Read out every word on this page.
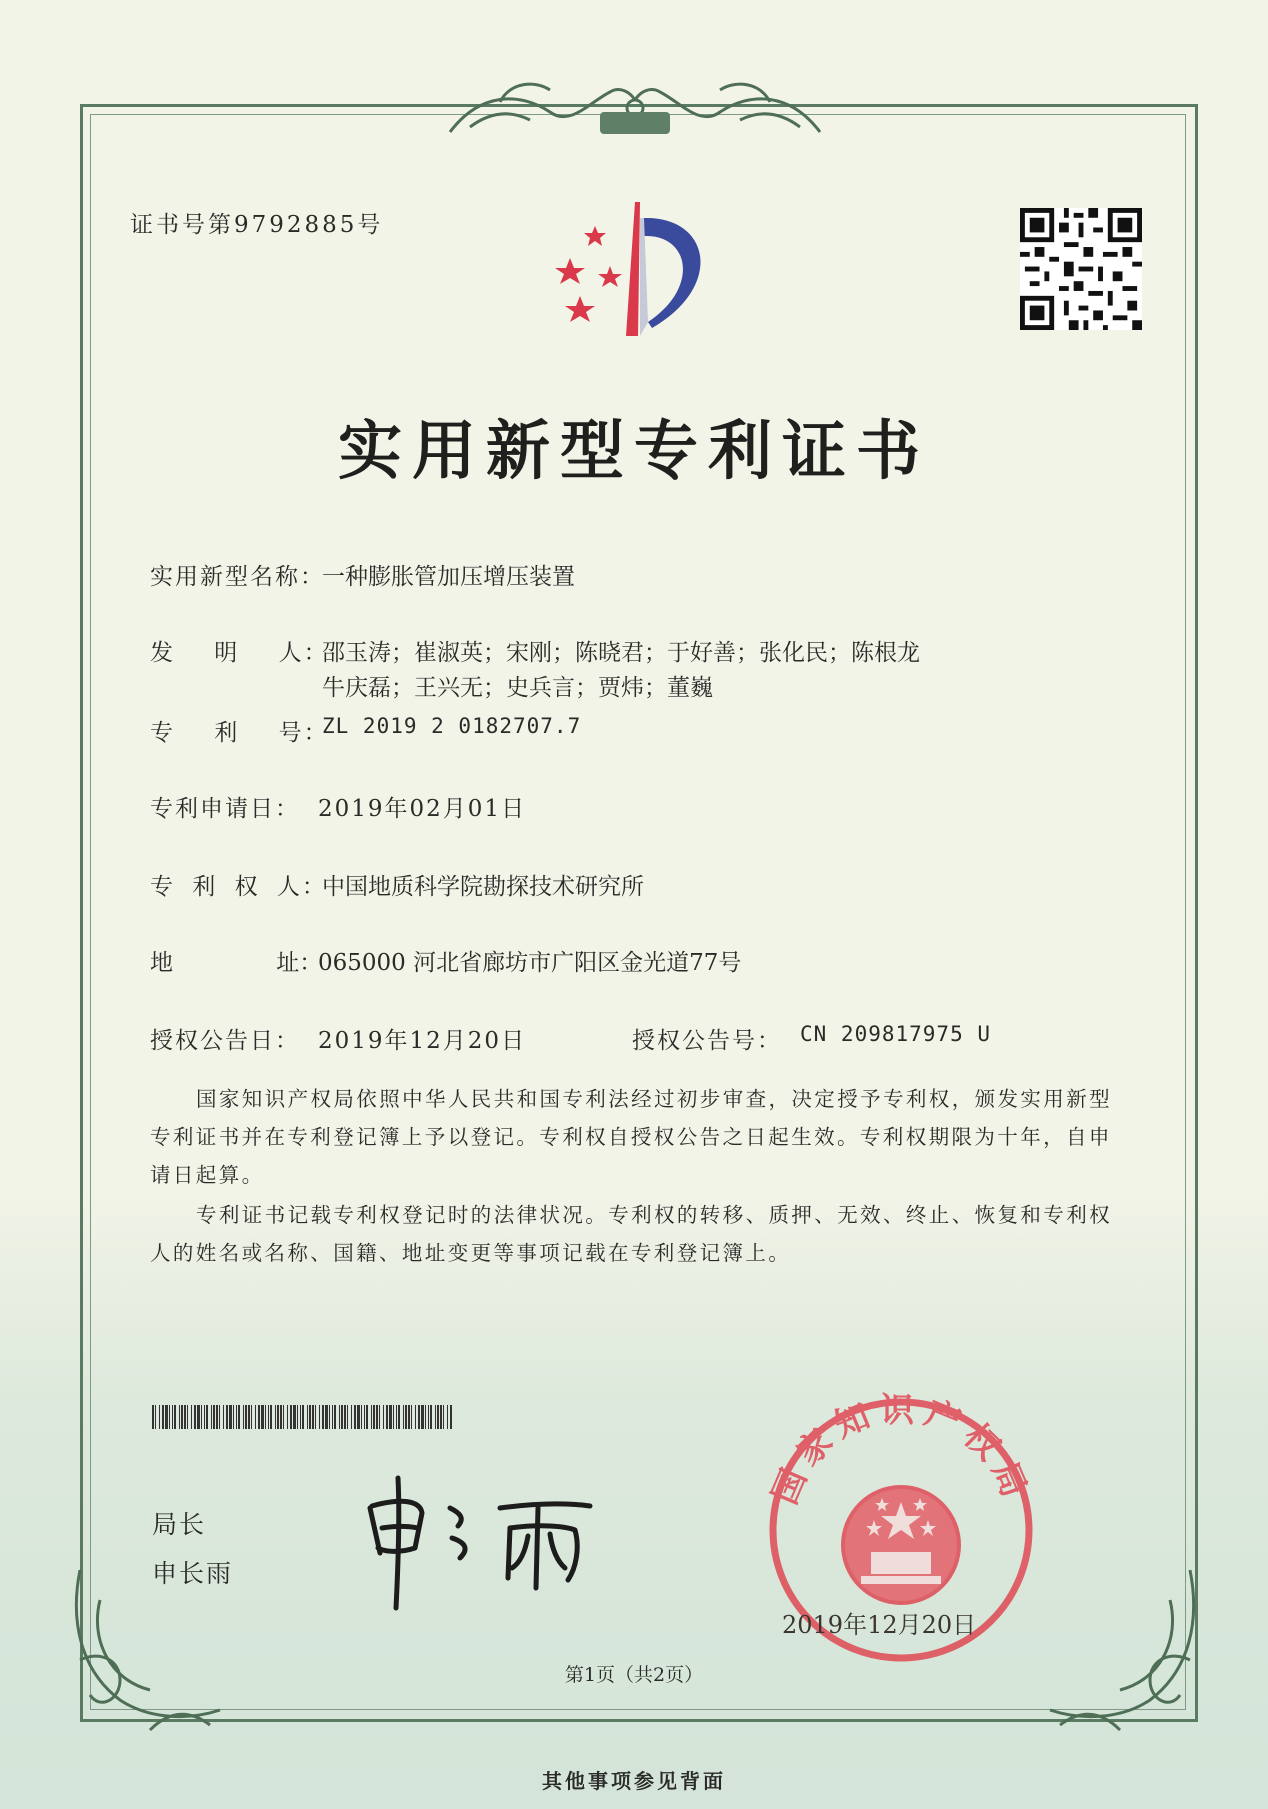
证书号第9792885号
实用新型专利证书
实用新型名称：
一种膨胀管加压增压装置
发 明 人：
邵玉涛；崔淑英；宋刚；陈晓君；于好善；张化民；陈根龙
牛庆磊；王兴无；史兵言；贾炜；董巍
专 利 号：
ZL 2019 2 0182707.7
专利申请日： 2019年02月01日
专 利 权 人：
中国地质科学院勘探技术研究所
地 址：
065000 河北省廊坊市广阳区金光道77号
授权公告日： 2019年12月20日	授权公告号： CN 209817975 U
国家知识产权局依照中华人民共和国专利法经过初步审查，决定授予专利权，颁发实用新型专利证书并在专利登记簿上予以登记。专利权自授权公告之日起生效。专利权期限为十年，自申请日起算。
专利证书记载专利权登记时的法律状况。专利权的转移、质押、无效、终止、恢复和专利权人的姓名或名称、国籍、地址变更等事项记载在专利登记簿上。
局长
申长雨
国家知识产权局
2019年12月20日
第1页（共2页）
其他事项参见背面
